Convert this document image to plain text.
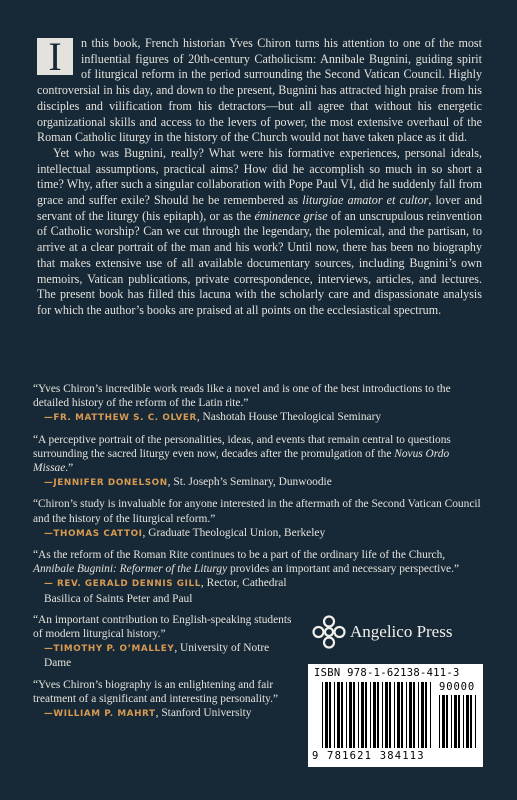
I	n this book, French historian Yves Chiron turns his attention to one of the most influential figures of 20th-century Catholicism: Annibale Bugnini, guiding spirit of liturgical reform in the period surrounding the Second Vatican Council. Highly controversial in his day, and down to the present, Bugnini has attracted high praise from his disciples and vilification from his detractors—but all agree that without his energetic organizational skills and access to the levers of power, the most extensive overhaul of the Roman Catholic liturgy in the history of the Church would not have taken place as it did.

Yet who was Bugnini, really? What were his formative experiences, personal ideals, intellectual assumptions, practical aims? How did he accomplish so much in so short a time? Why, after such a singular collaboration with Pope Paul VI, did he suddenly fall from grace and suffer exile? Should he be remembered as liturgiae amator et cultor, lover and servant of the liturgy (his epitaph), or as the éminence grise of an unscrupulous reinvention of Catholic worship? Can we cut through the legendary, the polemical, and the partisan, to arrive at a clear portrait of the man and his work? Until now, there has been no biography that makes extensive use of all available documentary sources, including Bugnini’s own memoirs, Vatican publications, private correspondence, interviews, articles, and lectures. The present book has filled this lacuna with the scholarly care and dispassionate analysis for which the author’s books are praised at all points on the ecclesiastical spectrum.

“Yves Chiron’s incredible work reads like a novel and is one of the best introductions to the detailed history of the reform of the Latin rite.”

—FR. MATTHEW S. C. OLVER, Nashotah House Theological Seminary

“A perceptive portrait of the personalities, ideas, and events that remain central to questions surrounding the sacred liturgy even now, decades after the promulgation of the Novus Ordo Missae.”

—JENNIFER DONELSON, St. Joseph’s Seminary, Dunwoodie

“Chiron’s study is invaluable for anyone interested in the aftermath of the Second Vatican Council and the history of the liturgical reform.”

—THOMAS CATTOI, Graduate Theological Union, Berkeley

“As the reform of the Roman Rite continues to be a part of the ordinary life of the Church, Annibale Bugnini: Reformer of the Liturgy provides an important and necessary perspective.”

— REV. GERALD DENNIS GILL, Rector, Cathedral Basilica of Saints Peter and Paul

“An important contribution to English-speaking students of modern liturgical history.”

—TIMOTHY P. O’MALLEY, University of Notre Dame

“Yves Chiron’s biography is an enlightening and fair treatment of a significant and interesting personality.”

—WILLIAM P. MAHRT, Stanford University

Angelico Press
ISBN 978-1-62138-411-3
90000
9 781621 384113
